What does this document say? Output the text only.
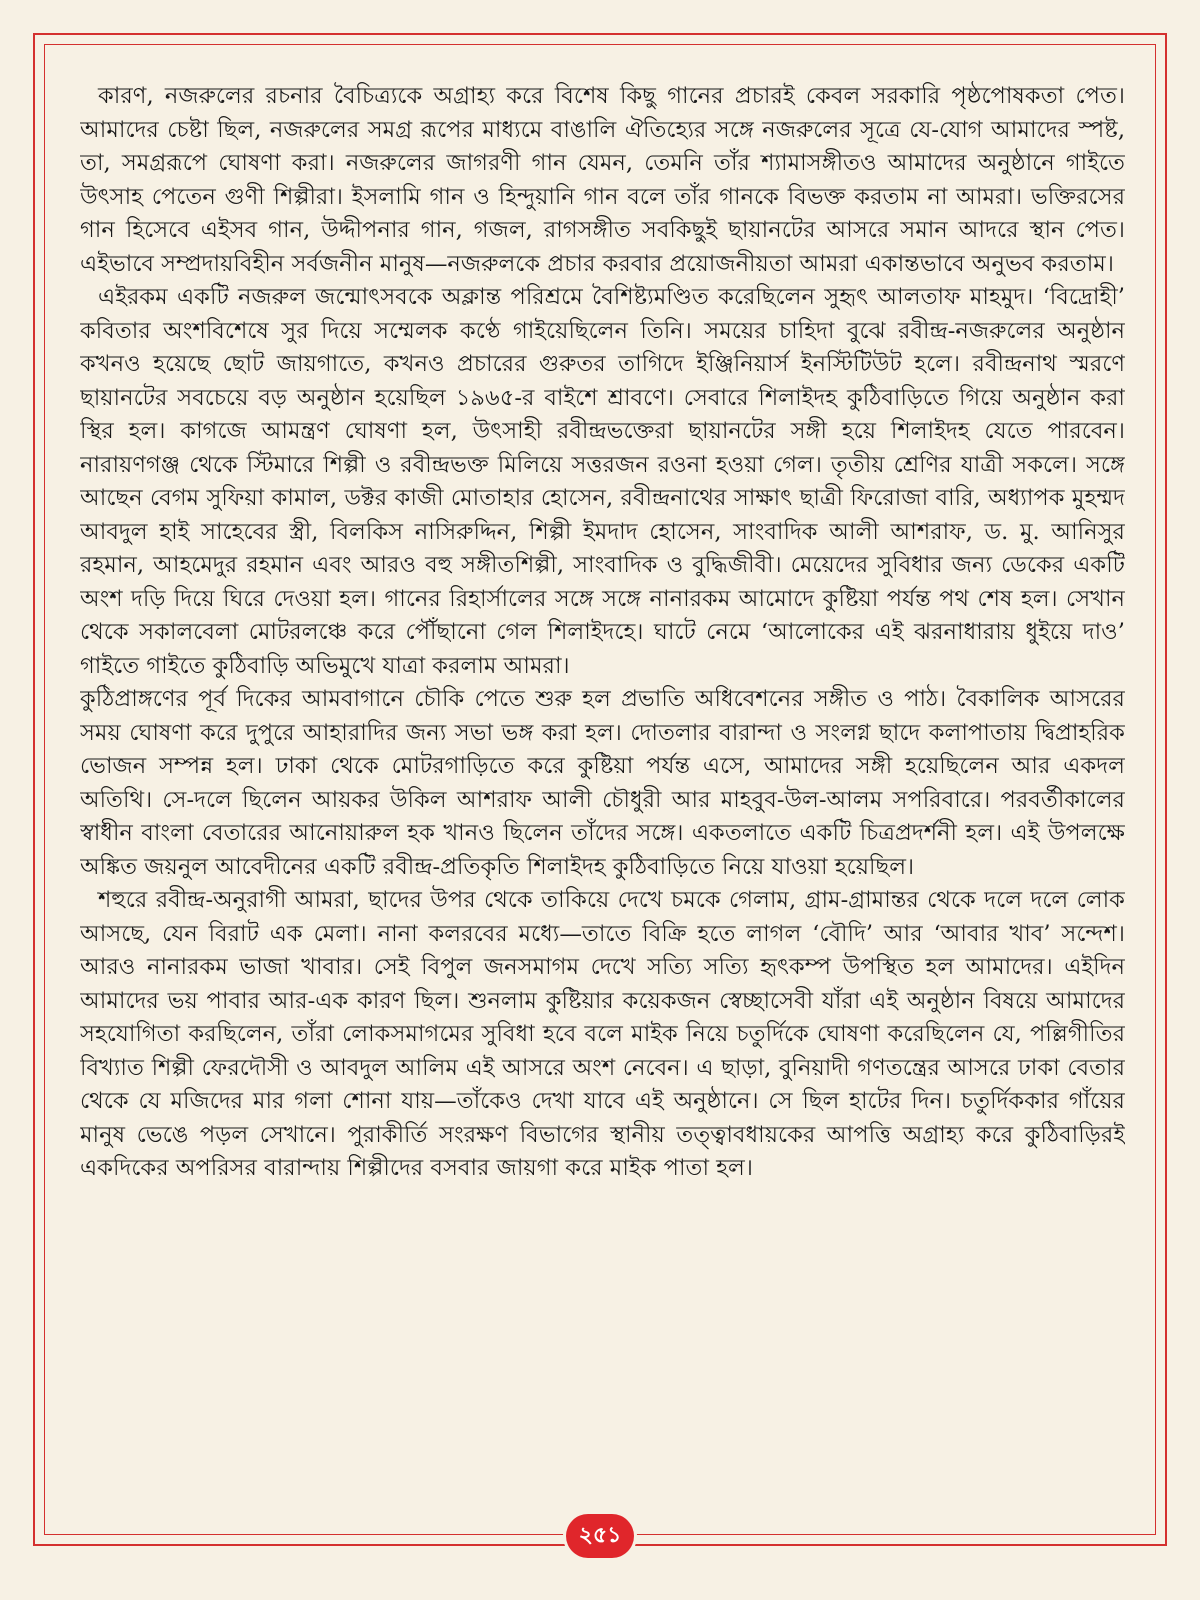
কারণ, নজরুলের রচনার বৈচিত্র্যকে অগ্রাহ্য করে বিশেষ কিছু গানের প্রচারই কেবল সরকারি পৃষ্ঠপোষকতা পেত। আমাদের চেষ্টা ছিল, নজরুলের সমগ্র রূপের মাধ্যমে বাঙালি ঐতিহ্যের সঙ্গে নজরুলের সূত্রে যে-যোগ আমাদের স্পষ্ট, তা, সমগ্ররূপে ঘোষণা করা। নজরুলের জাগরণী গান যেমন, তেমনি তাঁর শ্যামাসঙ্গীতও আমাদের অনুষ্ঠানে গাইতে উৎসাহ পেতেন গুণী শিল্পীরা। ইসলামি গান ও হিন্দুয়ানি গান বলে তাঁর গানকে বিভক্ত করতাম না আমরা। ভক্তিরসের গান হিসেবে এইসব গান, উদ্দীপনার গান, গজল, রাগসঙ্গীত সবকিছুই ছায়ানটের আসরে সমান আদরে স্থান পেত। এইভাবে সম্প্রদায়বিহীন সর্বজনীন মানুষ—নজরুলকে প্রচার করবার প্রয়োজনীয়তা আমরা একান্তভাবে অনুভব করতাম।

এইরকম একটি নজরুল জন্মোৎসবকে অক্লান্ত পরিশ্রমে বৈশিষ্ট্যমণ্ডিত করেছিলেন সুহৃৎ আলতাফ মাহমুদ। ‘বিদ্রোহী’ কবিতার অংশবিশেষে সুর দিয়ে সম্মেলক কণ্ঠে গাইয়েছিলেন তিনি। সময়ের চাহিদা বুঝে রবীন্দ্র-নজরুলের অনুষ্ঠান কখনও হয়েছে ছোট জায়গাতে, কখনও প্রচারের গুরুতর তাগিদে ইঞ্জিনিয়ার্স ইনস্টিটিউট হলে। রবীন্দ্রনাথ স্মরণে ছায়ানটের সবচেয়ে বড় অনুষ্ঠান হয়েছিল ১৯৬৫-র বাইশে শ্রাবণে। সেবারে শিলাইদহ কুঠিবাড়িতে গিয়ে অনুষ্ঠান করা স্থির হল। কাগজে আমন্ত্রণ ঘোষণা হল, উৎসাহী রবীন্দ্রভক্তেরা ছায়ানটের সঙ্গী হয়ে শিলাইদহ যেতে পারবেন। নারায়ণগঞ্জ থেকে স্টিমারে শিল্পী ও রবীন্দ্রভক্ত মিলিয়ে সত্তরজন রওনা হওয়া গেল। তৃতীয় শ্রেণির যাত্রী সকলে। সঙ্গে আছেন বেগম সুফিয়া কামাল, ডক্টর কাজী মোতাহার হোসেন, রবীন্দ্রনাথের সাক্ষাৎ ছাত্রী ফিরোজা বারি, অধ্যাপক মুহম্মদ আবদুল হাই সাহেবের স্ত্রী, বিলকিস নাসিরুদ্দিন, শিল্পী ইমদাদ হোসেন, সাংবাদিক আলী আশরাফ, ড. মু. আনিসুর রহমান, আহমেদুর রহমান এবং আরও বহু সঙ্গীতশিল্পী, সাংবাদিক ও বুদ্ধিজীবী। মেয়েদের সুবিধার জন্য ডেকের একটি অংশ দড়ি দিয়ে ঘিরে দেওয়া হল। গানের রিহার্সালের সঙ্গে সঙ্গে নানারকম আমোদে কুষ্টিয়া পর্যন্ত পথ শেষ হল। সেখান থেকে সকালবেলা মোটরলঞ্চে করে পৌঁছানো গেল শিলাইদহে। ঘাটে নেমে ‘আলোকের এই ঝরনাধারায় ধুইয়ে দাও’ গাইতে গাইতে কুঠিবাড়ি অভিমুখে যাত্রা করলাম আমরা।

কুঠিপ্রাঙ্গণের পূর্ব দিকের আমবাগানে চৌকি পেতে শুরু হল প্রভাতি অধিবেশনের সঙ্গীত ও পাঠ। বৈকালিক আসরের সময় ঘোষণা করে দুপুরে আহারাদির জন্য সভা ভঙ্গ করা হল। দোতলার বারান্দা ও সংলগ্ন ছাদে কলাপাতায় দ্বিপ্রাহরিক ভোজন সম্পন্ন হল। ঢাকা থেকে মোটরগাড়িতে করে কুষ্টিয়া পর্যন্ত এসে, আমাদের সঙ্গী হয়েছিলেন আর একদল অতিথি। সে-দলে ছিলেন আয়কর উকিল আশরাফ আলী চৌধুরী আর মাহবুব-উল-আলম সপরিবারে। পরবর্তীকালের স্বাধীন বাংলা বেতারের আনোয়ারুল হক খানও ছিলেন তাঁদের সঙ্গে। একতলাতে একটি চিত্রপ্রদর্শনী হল। এই উপলক্ষে অঙ্কিত জয়নুল আবেদীনের একটি রবীন্দ্র-প্রতিকৃতি শিলাইদহ কুঠিবাড়িতে নিয়ে যাওয়া হয়েছিল।

শহুরে রবীন্দ্র-অনুরাগী আমরা, ছাদের উপর থেকে তাকিয়ে দেখে চমকে গেলাম, গ্রাম-গ্রামান্তর থেকে দলে দলে লোক আসছে, যেন বিরাট এক মেলা। নানা কলরবের মধ্যে—তাতে বিক্রি হতে লাগল ‘বৌদি’ আর ‘আবার খাব’ সন্দেশ। আরও নানারকম ভাজা খাবার। সেই বিপুল জনসমাগম দেখে সত্যি সত্যি হৃৎকম্প উপস্থিত হল আমাদের। এইদিন আমাদের ভয় পাবার আর-এক কারণ ছিল। শুনলাম কুষ্টিয়ার কয়েকজন স্বেচ্ছাসেবী যাঁরা এই অনুষ্ঠান বিষয়ে আমাদের সহযোগিতা করছিলেন, তাঁরা লোকসমাগমের সুবিধা হবে বলে মাইক নিয়ে চতুর্দিকে ঘোষণা করেছিলেন যে, পল্লিগীতির বিখ্যাত শিল্পী ফেরদৌসী ও আবদুল আলিম এই আসরে অংশ নেবেন। এ ছাড়া, বুনিয়াদী গণতন্ত্রের আসরে ঢাকা বেতার থেকে যে মজিদের মার গলা শোনা যায়—তাঁকেও দেখা যাবে এই অনুষ্ঠানে। সে ছিল হাটের দিন। চতুর্দিককার গাঁয়ের মানুষ ভেঙে পড়ল সেখানে। পুরাকীর্তি সংরক্ষণ বিভাগের স্থানীয় তত্ত্বাবধায়কের আপত্তি অগ্রাহ্য করে কুঠিবাড়িরই একদিকের অপরিসর বারান্দায় শিল্পীদের বসবার জায়গা করে মাইক পাতা হল।

২৫১
